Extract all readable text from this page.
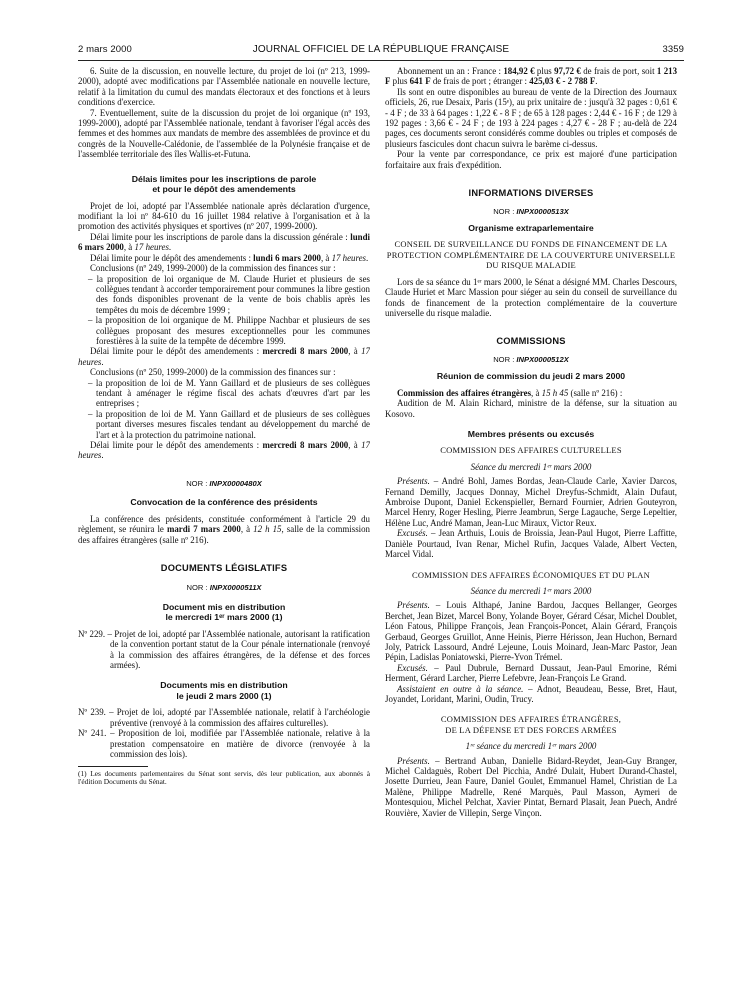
2 mars 2000	JOURNAL OFFICIEL DE LA RÉPUBLIQUE FRANÇAISE	3359

6. Suite de la discussion, en nouvelle lecture, du projet de loi (nº 213, 1999-2000), adopté avec modifications par l'Assemblée nationale en nouvelle lecture, relatif à la limitation du cumul des mandats électoraux et des fonctions et à leurs conditions d'exercice.

7. Eventuellement, suite de la discussion du projet de loi organique (nº 193, 1999-2000), adopté par l'Assemblée nationale, tendant à favoriser l'égal accès des femmes et des hommes aux mandats de membre des assemblées de province et du congrès de la Nouvelle-Calédonie, de l'assemblée de la Polynésie française et de l'assemblée territoriale des îles Wallis-et-Futuna.

Délais limites pour les inscriptions de parole
et pour le dépôt des amendements

Projet de loi, adopté par l'Assemblée nationale après déclaration d'urgence, modifiant la loi nº 84-610 du 16 juillet 1984 relative à l'organisation et à la promotion des activités physiques et sportives (nº 207, 1999-2000).

Délai limite pour les inscriptions de parole dans la discussion générale : lundi 6 mars 2000, à 17 heures.

Délai limite pour le dépôt des amendements : lundi 6 mars 2000, à 17 heures.

Conclusions (nº 249, 1999-2000) de la commission des finances sur :

– la proposition de loi organique de M. Claude Huriet et plusieurs de ses collègues tendant à accorder temporairement pour communes la libre gestion des fonds disponibles provenant de la vente de bois chablis après les tempêtes du mois de décembre 1999 ;

– la proposition de loi organique de M. Philippe Nachbar et plusieurs de ses collègues proposant des mesures exceptionnelles pour les communes forestières à la suite de la tempête de décembre 1999.

Délai limite pour le dépôt des amendements : mercredi 8 mars 2000, à 17 heures.

Conclusions (nº 250, 1999-2000) de la commission des finances sur :

– la proposition de loi de M. Yann Gaillard et de plusieurs de ses collègues tendant à aménager le régime fiscal des achats d'œuvres d'art par les entreprises ;

– la proposition de loi de M. Yann Gaillard et de plusieurs de ses collègues portant diverses mesures fiscales tendant au développement du marché de l'art et à la protection du patrimoine national.

Délai limite pour le dépôt des amendements : mercredi 8 mars 2000, à 17 heures.

NOR : INPX0000480X

Convocation de la conférence des présidents

La conférence des présidents, constituée conformément à l'article 29 du règlement, se réunira le mardi 7 mars 2000, à 12 h 15, salle de la commission des affaires étrangères (salle nº 216).

DOCUMENTS LÉGISLATIFS

NOR : INPX0000511X

Document mis en distribution
le mercredi 1ᵉʳ mars 2000 (1)

Nº 229. – Projet de loi, adopté par l'Assemblée nationale, autorisant la ratification de la convention portant statut de la Cour pénale internationale (renvoyé à la commission des affaires étrangères, de la défense et des forces armées).

Documents mis en distribution
le jeudi 2 mars 2000 (1)

Nº 239. – Projet de loi, adopté par l'Assemblée nationale, relatif à l'archéologie préventive (renvoyé à la commission des affaires culturelles).

Nº 241. – Proposition de loi, modifiée par l'Assemblée nationale, relative à la prestation compensatoire en matière de divorce (renvoyée à la commission des lois).

(1) Les documents parlementaires du Sénat sont servis, dès leur publication, aux abonnés à l'édition Documents du Sénat.

Abonnement un an : France : 184,92 € plus 97,72 € de frais de port, soit 1 213 F plus 641 F de frais de port ; étranger : 425,03 € - 2 788 F.

Ils sont en outre disponibles au bureau de vente de la Direction des Journaux officiels, 26, rue Desaix, Paris (15ᵉ), au prix unitaire de : jusqu'à 32 pages : 0,61 € - 4 F ; de 33 à 64 pages : 1,22 € - 8 F ; de 65 à 128 pages : 2,44 € - 16 F ; de 129 à 192 pages : 3,66 € - 24 F ; de 193 à 224 pages : 4,27 € - 28 F ; au-delà de 224 pages, ces documents seront considérés comme doubles ou triples et composés de plusieurs fascicules dont chacun suivra le barème ci-dessus.

Pour la vente par correspondance, ce prix est majoré d'une participation forfaitaire aux frais d'expédition.

INFORMATIONS DIVERSES

NOR : INPX0000513X

Organisme extraparlementaire

CONSEIL DE SURVEILLANCE DU FONDS DE FINANCEMENT DE LA PROTECTION COMPLÉMENTAIRE DE LA COUVERTURE UNIVERSELLE DU RISQUE MALADIE

Lors de sa séance du 1ᵉʳ mars 2000, le Sénat a désigné MM. Charles Descours, Claude Huriet et Marc Massion pour siéger au sein du conseil de surveillance du fonds de financement de la protection complémentaire de la couverture universelle du risque maladie.

COMMISSIONS

NOR : INPX0000512X

Réunion de commission du jeudi 2 mars 2000

Commission des affaires étrangères, à 15 h 45 (salle nº 216) :

Audition de M. Alain Richard, ministre de la défense, sur la situation au Kosovo.

Membres présents ou excusés

COMMISSION DES AFFAIRES CULTURELLES

Séance du mercredi 1ᵉʳ mars 2000

Présents. – André Bohl, James Bordas, Jean-Claude Carle, Xavier Darcos, Fernand Demilly, Jacques Donnay, Michel Dreyfus-Schmidt, Alain Dufaut, Ambroise Dupont, Daniel Eckenspieller, Bernard Fournier, Adrien Gouteyron, Marcel Henry, Roger Hesling, Pierre Jeambrun, Serge Lagauche, Serge Lepeltier, Hélène Luc, André Maman, Jean-Luc Miraux, Victor Reux.

Excusés. – Jean Arthuis, Louis de Broissia, Jean-Paul Hugot, Pierre Laffitte, Danièle Pourtaud, Ivan Renar, Michel Rufin, Jacques Valade, Albert Vecten, Marcel Vidal.

COMMISSION DES AFFAIRES ÉCONOMIQUES ET DU PLAN

Séance du mercredi 1ᵉʳ mars 2000

Présents. – Louis Althapé, Janine Bardou, Jacques Bellanger, Georges Berchet, Jean Bizet, Marcel Bony, Yolande Boyer, Gérard César, Michel Doublet, Léon Fatous, Philippe François, Jean François-Poncet, Alain Gérard, François Gerbaud, Georges Gruillot, Anne Heinis, Pierre Hérisson, Jean Huchon, Bernard Joly, Patrick Lassourd, André Lejeune, Louis Moinard, Jean-Marc Pastor, Jean Pépin, Ladislas Poniatowski, Pierre-Yvon Trémel.

Excusés. – Paul Dubrule, Bernard Dussaut, Jean-Paul Emorine, Rémi Herment, Gérard Larcher, Pierre Lefebvre, Jean-François Le Grand.

Assistaient en outre à la séance. – Adnot, Beaudeau, Besse, Bret, Haut, Joyandet, Loridant, Marini, Oudin, Trucy.

COMMISSION DES AFFAIRES ÉTRANGÈRES,
DE LA DÉFENSE ET DES FORCES ARMÉES

1ʳᵉ séance du mercredi 1ᵉʳ mars 2000

Présents. – Bertrand Auban, Danielle Bidard-Reydet, Jean-Guy Branger, Michel Caldaguès, Robert Del Picchia, André Dulait, Hubert Durand-Chastel, Josette Durrieu, Jean Faure, Daniel Goulet, Emmanuel Hamel, Christian de La Malène, Philippe Madrelle, René Marquès, Paul Masson, Aymeri de Montesquiou, Michel Pelchat, Xavier Pintat, Bernard Plasait, Jean Puech, André Rouvière, Xavier de Villepin, Serge Vinçon.
